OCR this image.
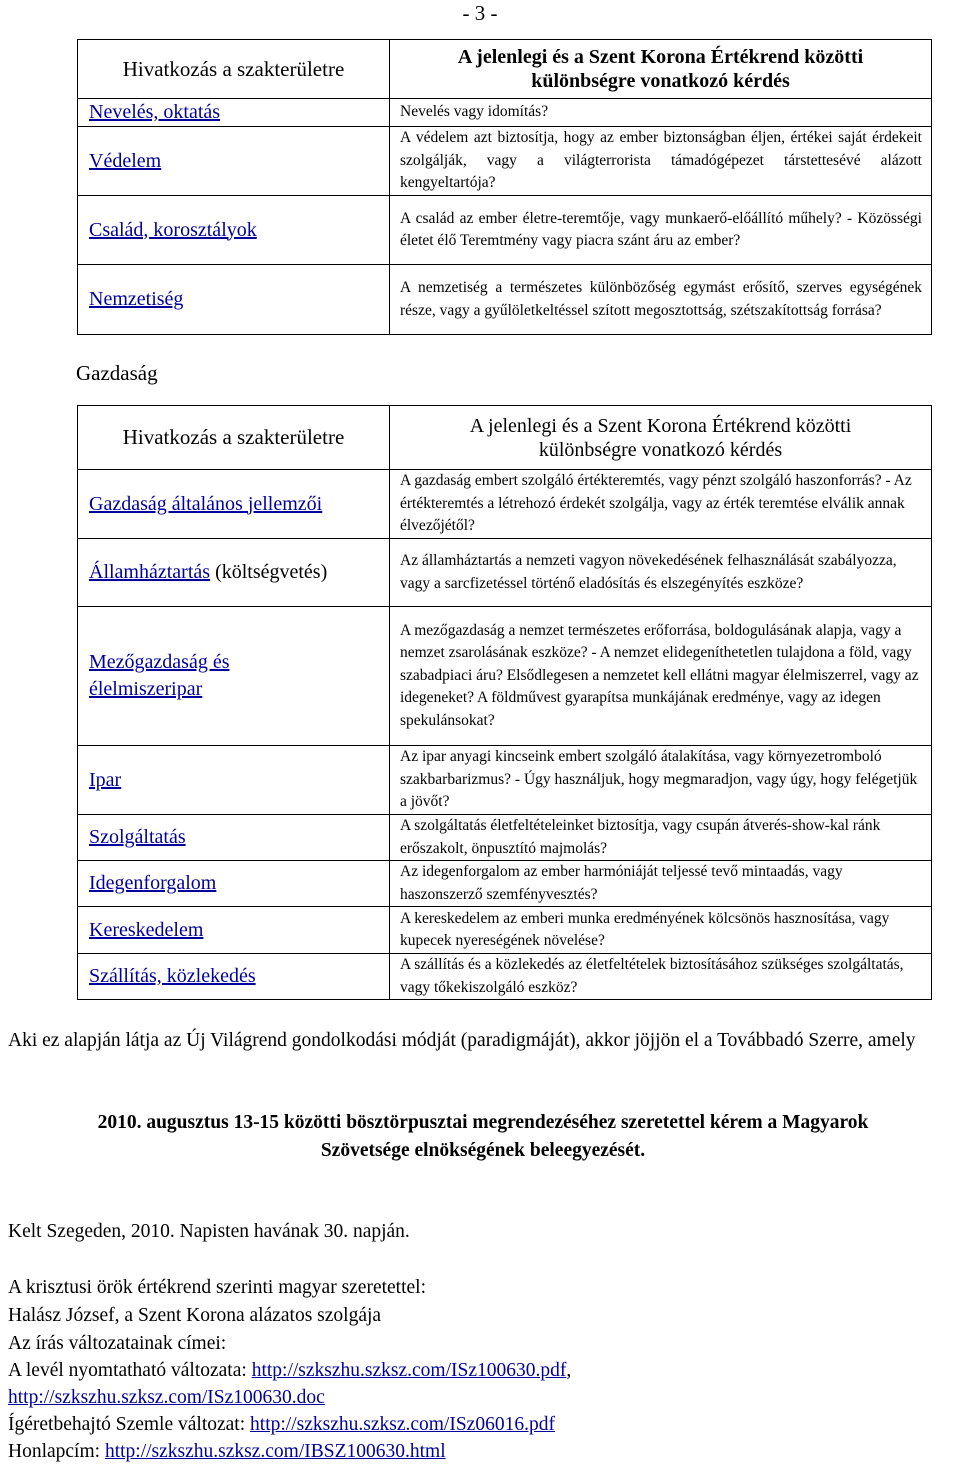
- 3 -
Hivatkozás a szakterületre	A jelenlegi és a Szent Korona Értékrend közötti
különbségre vonatkozó kérdés

Nevelés, oktatás	Nevelés vagy idomítás?
Védelem	A védelem azt biztosítja, hogy az ember biztonságban éljen, értékei saját érdekeit szolgálják, vagy a világterrorista támadógépezet társtettesévé alázott kengyeltartója?
Család, korosztályok	A család az ember életre-teremtője, vagy munkaerő-előállító műhely? - Közösségi életet élő Teremtmény vagy piacra szánt áru az ember?
Nemzetiség	A nemzetiség a természetes különbözőség egymást erősítő, szerves egységének része, vagy a gyűlöletkeltéssel szított megosztottság, szétszakítottság forrása?
Gazdaság
Hivatkozás a szakterületre	A jelenlegi és a Szent Korona Értékrend közötti
különbségre vonatkozó kérdés

Gazdaság általános jellemzői	A gazdaság embert szolgáló értékteremtés, vagy pénzt szolgáló haszonforrás? - Az értékteremtés a létrehozó érdekét szolgálja, vagy az érték teremtése elválik annak élvezőjétől?
Államháztartás (költségvetés)	Az államháztartás a nemzeti vagyon növekedésének felhasználását szabályozza, vagy a sarcfizetéssel történő eladósítás és elszegényítés eszköze?
Mezőgazdaság és
élelmiszeripar	A mezőgazdaság a nemzet természetes erőforrása, boldogulásának alapja, vagy a nemzet zsarolásának eszköze? - A nemzet elidegeníthetetlen tulajdona a föld, vagy szabadpiaci áru? Elsődlegesen a nemzetet kell ellátni magyar élelmiszerrel, vagy az idegeneket? A földművest gyarapítsa munkájának eredménye, vagy az idegen spekulánsokat?
Ipar	Az ipar anyagi kincseink embert szolgáló átalakítása, vagy környezetromboló szakbarbarizmus? - Úgy használjuk, hogy megmaradjon, vagy úgy, hogy felégetjük a jövőt?
Szolgáltatás	A szolgáltatás életfeltételeinket biztosítja, vagy csupán átverés-show-kal ránk erőszakolt, önpusztító majmolás?
Idegenforgalom	Az idegenforgalom az ember harmóniáját teljessé tevő mintaadás, vagy haszonszerző szemfényvesztés?
Kereskedelem	A kereskedelem az emberi munka eredményének kölcsönös hasznosítása, vagy kupecek nyereségének növelése?
Szállítás, közlekedés	A szállítás és a közlekedés az életfeltételek biztosításához szükséges szolgáltatás, vagy tőkekiszolgáló eszköz?
Aki ez alapján látja az Új Világrend gondolkodási módját (paradigmáját), akkor jöjjön el a Továbbadó Szerre, amely
2010. augusztus 13-15 közötti bösztörpusztai megrendezéséhez szeretettel kérem a Magyarok
Szövetsége elnökségének beleegyezését.
Kelt Szegeden, 2010. Napisten havának 30. napján.
A krisztusi örök értékrend szerinti magyar szeretettel:
Halász József, a Szent Korona alázatos szolgája
Az írás változatainak címei:
A levél nyomtatható változata: http://szkszhu.szksz.com/ISz100630.pdf,
http://szkszhu.szksz.com/ISz100630.doc
Ígéretbehajtó Szemle változat: http://szkszhu.szksz.com/ISz06016.pdf
Honlapcím: http://szkszhu.szksz.com/IBSZ100630.html
